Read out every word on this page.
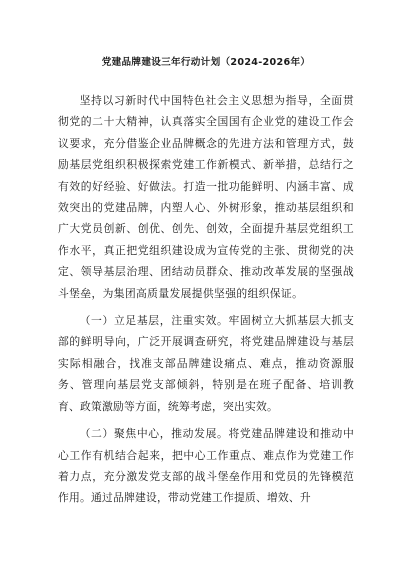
党建品牌建设三年行动计划（2024-2026年）

坚持以习新时代中国特色社会主义思想为指导，全面贯彻党的二十大精神，认真落实全国国有企业党的建设工作会议要求，充分借鉴企业品牌概念的先进方法和管理方式，鼓励基层党组织积极探索党建工作新模式、新举措，总结行之有效的好经验、好做法。打造一批功能鲜明、内涵丰富、成效突出的党建品牌，内塑人心、外树形象，推动基层组织和广大党员创新、创优、创先、创效，全面提升基层党组织工作水平，真正把党组织建设成为宣传党的主张、贯彻党的决定、领导基层治理、团结动员群众、推动改革发展的坚强战斗堡垒，为集团高质量发展提供坚强的组织保证。

（一）立足基层，注重实效。牢固树立大抓基层大抓支部的鲜明导向，广泛开展调查研究，将党建品牌建设与基层实际相融合，找准支部品牌建设痛点、难点，推动资源服务、管理向基层党支部倾斜，特别是在班子配备、培训教育、政策激励等方面，统筹考虑，突出实效。

（二）聚焦中心，推动发展。将党建品牌建设和推动中心工作有机结合起来，把中心工作重点、难点作为党建工作着力点，充分激发党支部的战斗堡垒作用和党员的先锋模范作用。通过品牌建设，带动党建工作提质、增效、升
